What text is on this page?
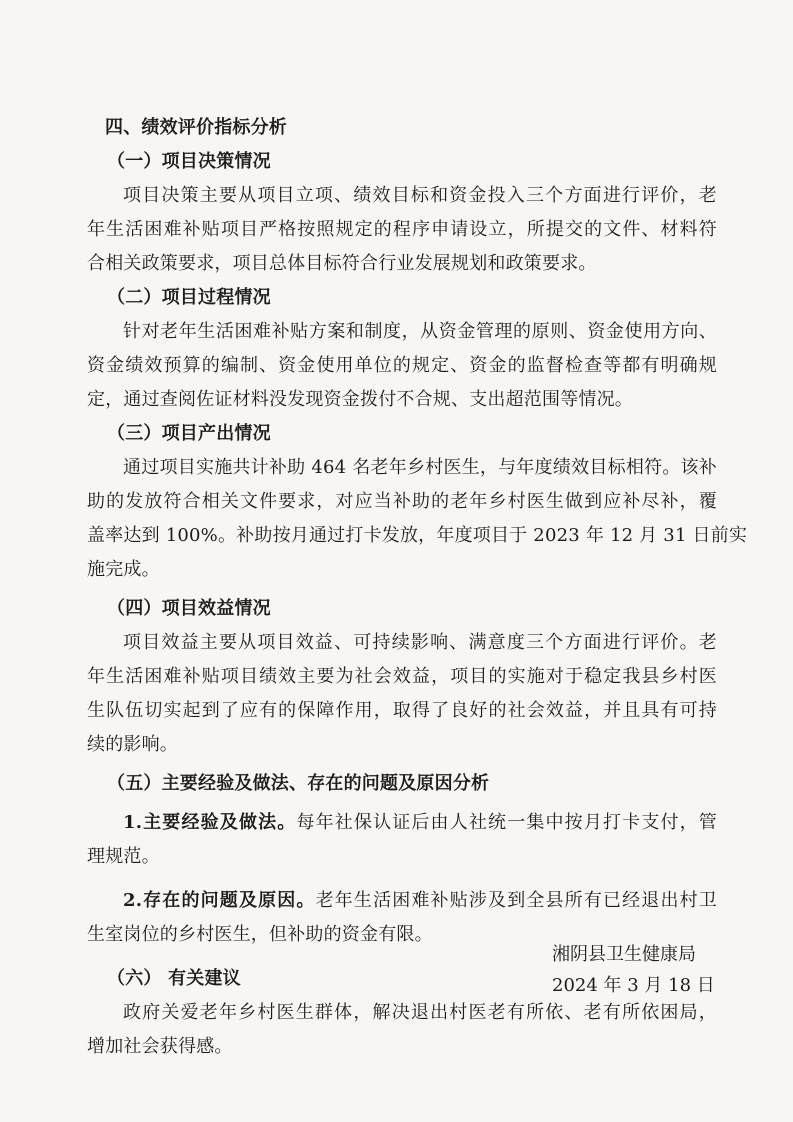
四、绩效评价指标分析
（一）项目决策情况
项目决策主要从项目立项、绩效目标和资金投入三个方面进行评价，老
年生活困难补贴项目严格按照规定的程序申请设立，所提交的文件、材料符
合相关政策要求，项目总体目标符合行业发展规划和政策要求。
（二）项目过程情况
针对老年生活困难补贴方案和制度，从资金管理的原则、资金使用方向、
资金绩效预算的编制、资金使用单位的规定、资金的监督检查等都有明确规
定，通过查阅佐证材料没发现资金拨付不合规、支出超范围等情况。
（三）项目产出情况
通过项目实施共计补助 464 名老年乡村医生，与年度绩效目标相符。该补
助的发放符合相关文件要求，对应当补助的老年乡村医生做到应补尽补，覆
盖率达到 100%。补助按月通过打卡发放，年度项目于 2023 年 12 月 31 日前实
施完成。
（四）项目效益情况
项目效益主要从项目效益、可持续影响、满意度三个方面进行评价。老
年生活困难补贴项目绩效主要为社会效益，项目的实施对于稳定我县乡村医
生队伍切实起到了应有的保障作用，取得了良好的社会效益，并且具有可持
续的影响。
（五）主要经验及做法、存在的问题及原因分析
1.主要经验及做法。每年社保认证后由人社统一集中按月打卡支付，管
理规范。
2.存在的问题及原因。老年生活困难补贴涉及到全县所有已经退出村卫
生室岗位的乡村医生，但补助的资金有限。
（六） 有关建议
政府关爱老年乡村医生群体，解决退出村医老有所依、老有所依困局，
增加社会获得感。
湘阴县卫生健康局
2024 年 3 月 18 日
